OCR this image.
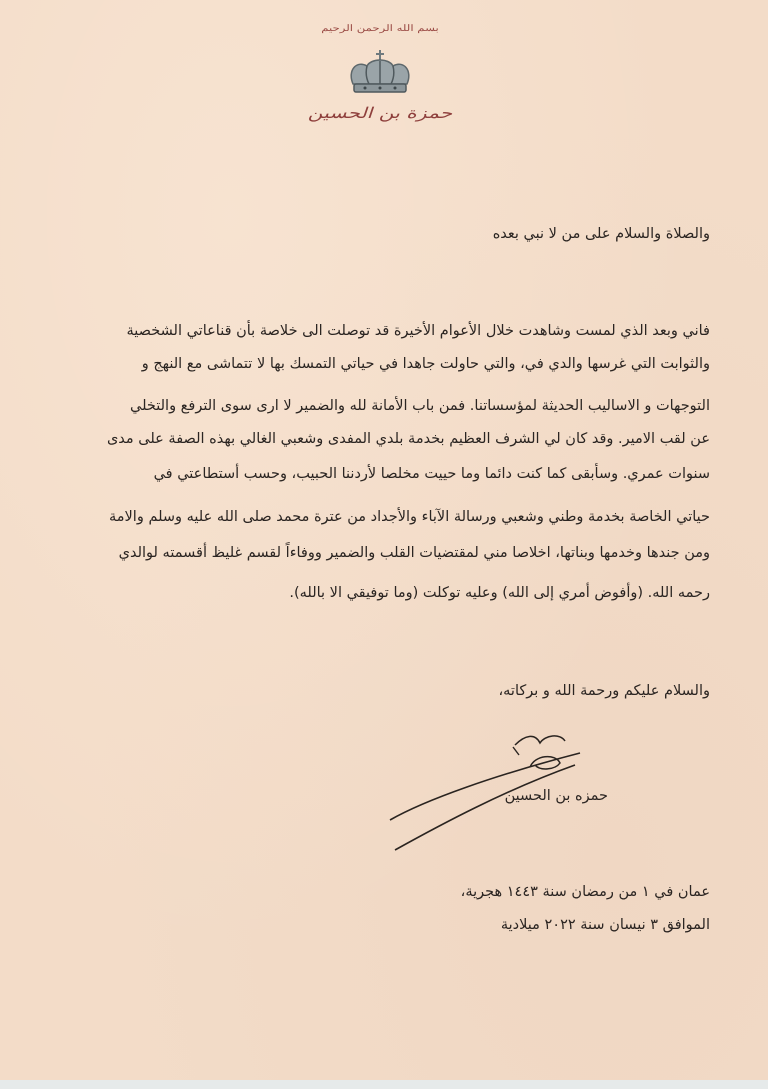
بسم الله الرحمن الرحيم
حمزة بن الحسين
والصلاة والسلام على من لا نبي بعده
فاني وبعد الذي لمست وشاهدت خلال الأعوام الأخيرة قد توصلت الى خلاصة بأن قناعاتي الشخصية
والثوابت التي غرسها والدي في، والتي حاولت جاهدا في حياتي التمسك بها لا تتماشى مع النهج و
التوجهات و الاساليب الحديثة لمؤسساتنا. فمن باب الأمانة لله والضمير لا ارى سوى الترفع والتخلي
عن لقب الامير. وقد كان لي الشرف العظيم بخدمة بلدي المفدى وشعبي الغالي بهذه الصفة على مدى
سنوات عمري. وسأبقى كما كنت دائما وما حييت مخلصا لأردننا الحبيب، وحسب أستطاعتي في
حياتي الخاصة بخدمة وطني وشعبي ورسالة الآباء والأجداد من عترة محمد صلى الله عليه وسلم والامة
ومن جندها وخدمها وبناتها، اخلاصا مني لمقتضيات القلب والضمير ووفاءاً لقسم غليظ أقسمته لوالدي
رحمه الله. (وأفوض أمري إلى الله) وعليه توكلت (وما توفيقي الا بالله).
والسلام عليكم ورحمة الله و بركاته،
حمزه بن الحسين
عمان في ١ من رمضان سنة ١٤٤٣ هجرية،
الموافق ٣ نيسان سنة ٢٠٢٢ ميلادية
